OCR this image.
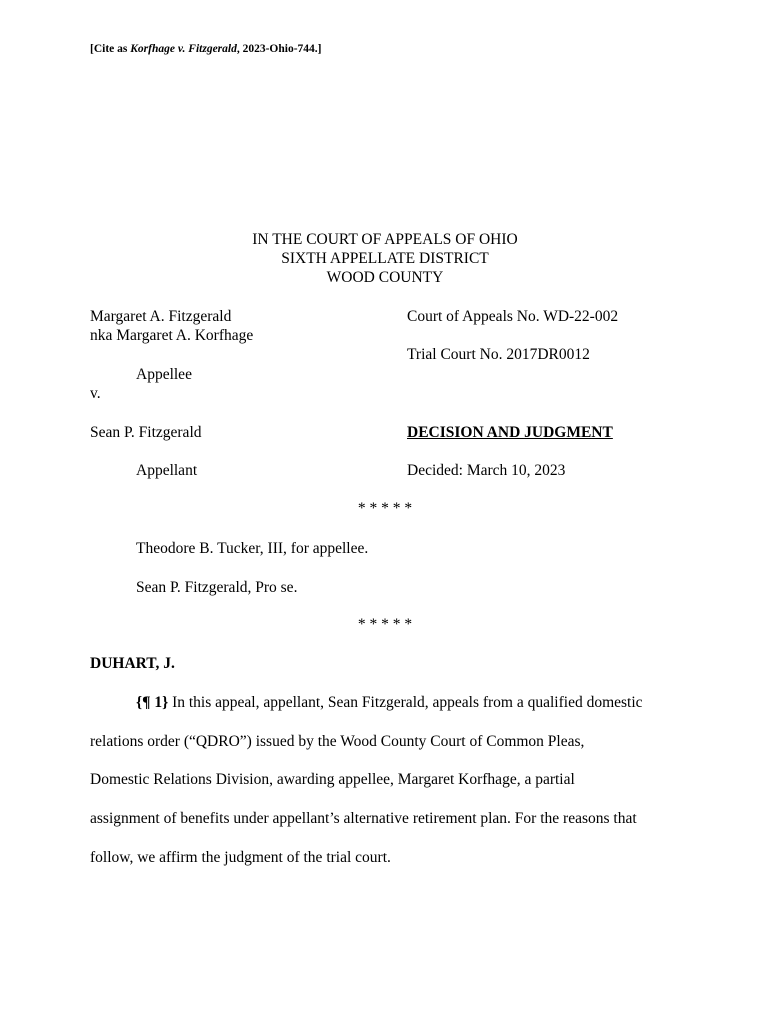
[Cite as Korfhage v. Fitzgerald, 2023-Ohio-744.]
IN THE COURT OF APPEALS OF OHIO
SIXTH APPELLATE DISTRICT
WOOD COUNTY
Margaret A. Fitzgerald
nka Margaret A. Korfhage
Appellee
v.
Sean P. Fitzgerald
Appellant
Court of Appeals No. WD-22-002
Trial Court No. 2017DR0012
DECISION AND JUDGMENT
Decided: March 10, 2023
* * * * *
Theodore B. Tucker, III, for appellee.
Sean P. Fitzgerald, Pro se.
* * * * *
DUHART, J.
{¶ 1} In this appeal, appellant, Sean Fitzgerald, appeals from a qualified domestic
relations order (“QDRO”) issued by the Wood County Court of Common Pleas,
Domestic Relations Division, awarding appellee, Margaret Korfhage, a partial
assignment of benefits under appellant’s alternative retirement plan. For the reasons that
follow, we affirm the judgment of the trial court.
